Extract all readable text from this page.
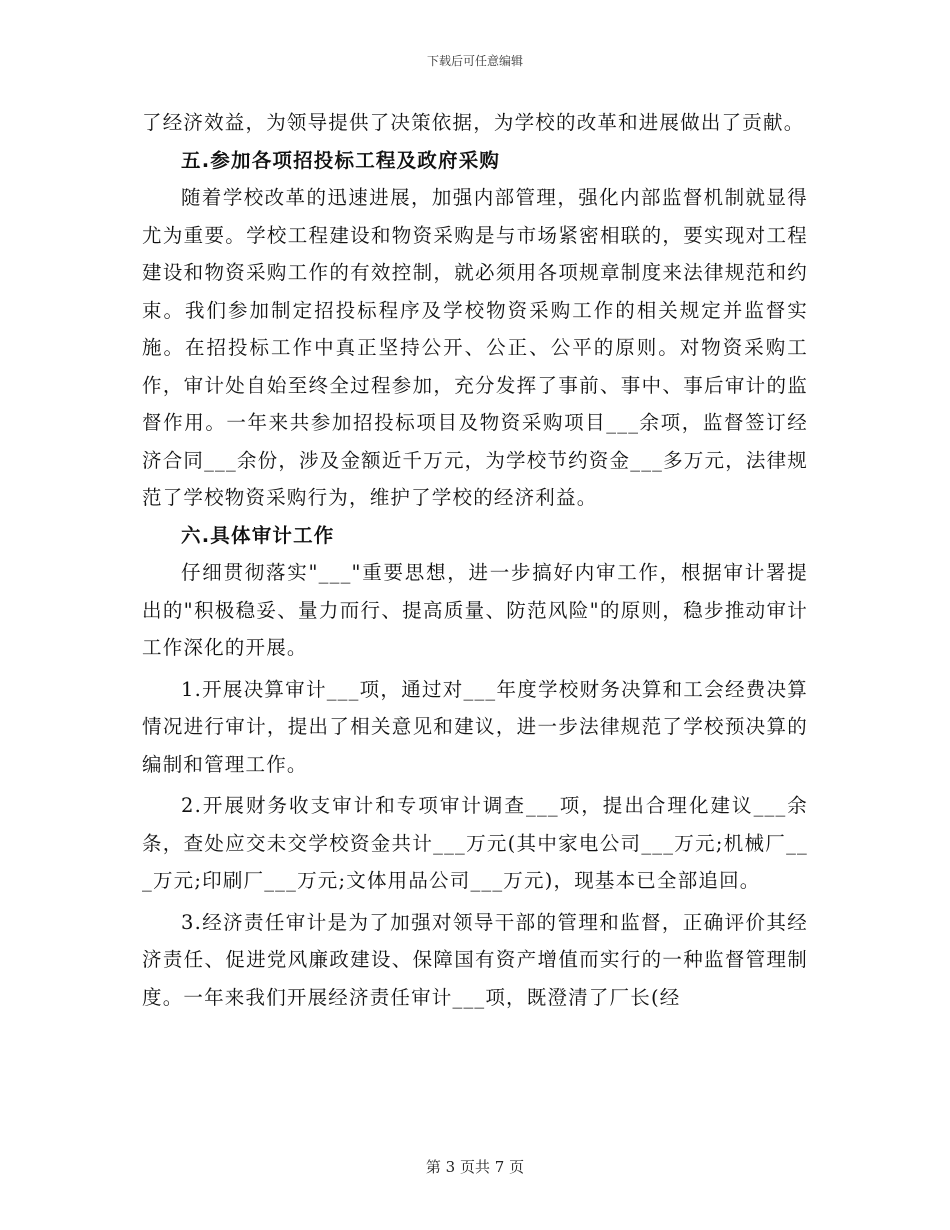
下载后可任意编辑

了经济效益，为领导提供了决策依据，为学校的改革和进展做出了贡献。

五.参加各项招投标工程及政府采购

随着学校改革的迅速进展，加强内部管理，强化内部监督机制就显得尤为重要。学校工程建设和物资采购是与市场紧密相联的，要实现对工程建设和物资采购工作的有效控制，就必须用各项规章制度来法律规范和约束。我们参加制定招投标程序及学校物资采购工作的相关规定并监督实施。在招投标工作中真正坚持公开、公正、公平的原则。对物资采购工作，审计处自始至终全过程参加，充分发挥了事前、事中、事后审计的监督作用。一年来共参加招投标项目及物资采购项目___余项，监督签订经济合同___余份，涉及金额近千万元，为学校节约资金___多万元，法律规范了学校物资采购行为，维护了学校的经济利益。

六.具体审计工作

仔细贯彻落实"___"重要思想，进一步搞好内审工作，根据审计署提出的"积极稳妥、量力而行、提高质量、防范风险"的原则，稳步推动审计工作深化的开展。

1.开展决算审计___项，通过对___年度学校财务决算和工会经费决算情况进行审计，提出了相关意见和建议，进一步法律规范了学校预决算的编制和管理工作。

2.开展财务收支审计和专项审计调查___项，提出合理化建议___余条，查处应交未交学校资金共计___万元(其中家电公司___万元;机械厂___万元;印刷厂___万元;文体用品公司___万元)，现基本已全部追回。

3.经济责任审计是为了加强对领导干部的管理和监督，正确评价其经济责任、促进党风廉政建设、保障国有资产增值而实行的一种监督管理制度。一年来我们开展经济责任审计___项，既澄清了厂长(经

第 3 页共 7 页
